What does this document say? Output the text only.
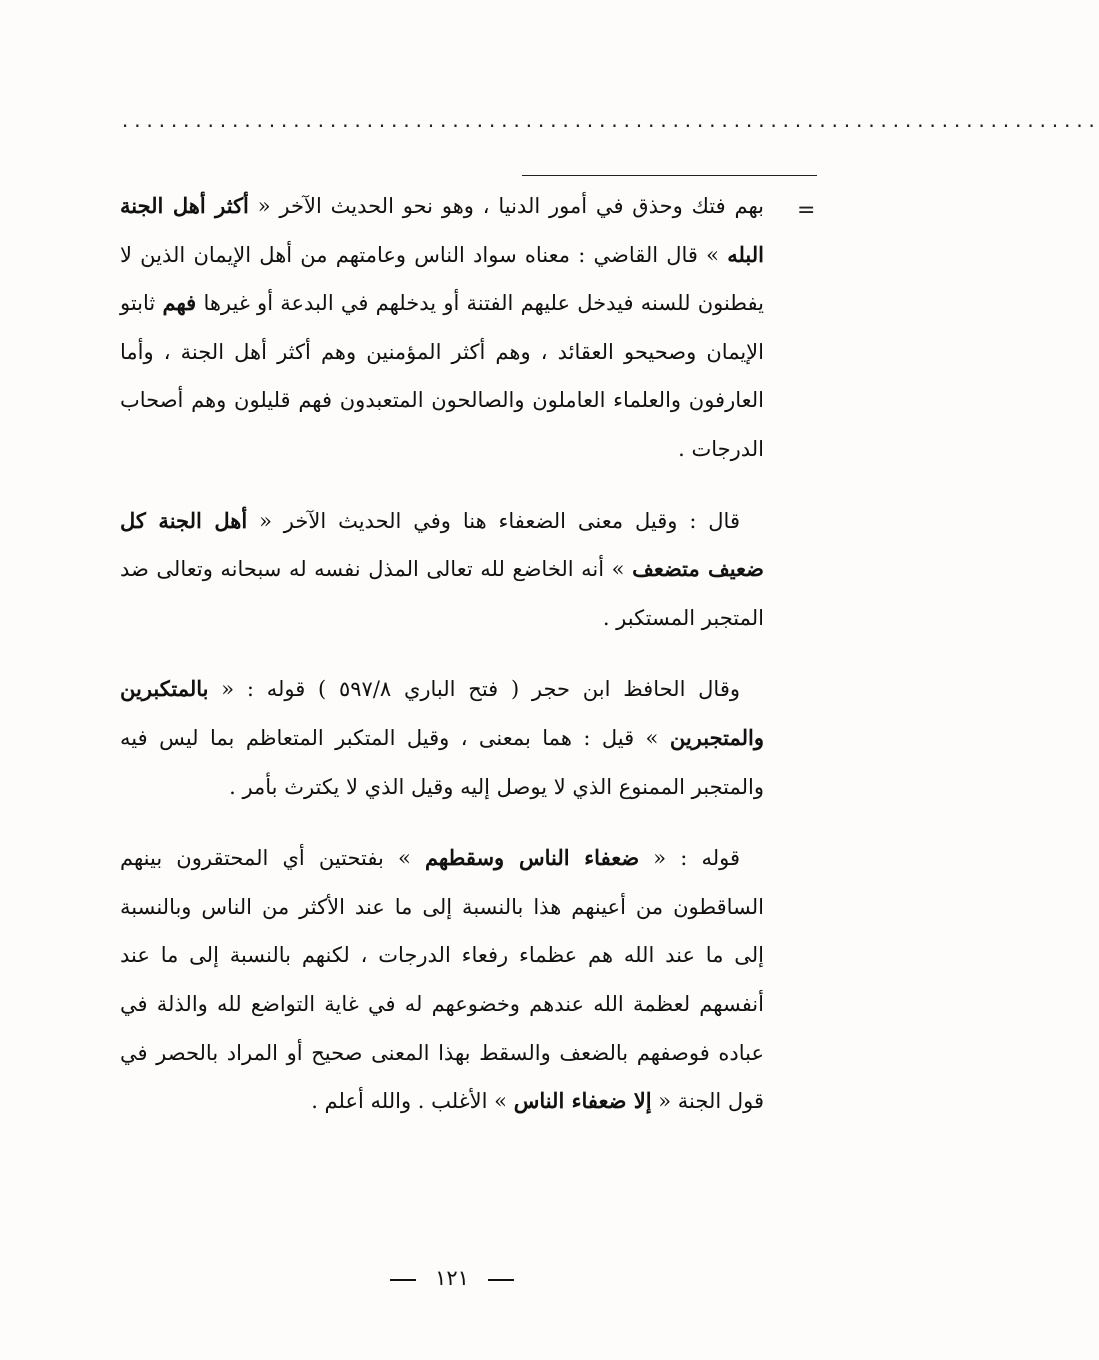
................................................................................
=

بهم فتك وحذق في أمور الدنيا ، وهو نحو الحديث الآخر « أكثر أهل الجنة البله » قال القاضي : معناه سواد الناس وعامتهم من أهل الإيمان الذين لا يفطنون للسنه فيدخل عليهم الفتنة أو يدخلهم في البدعة أو غيرها فهم ثابتو الإيمان وصحيحو العقائد ، وهم أكثر المؤمنين وهم أكثر أهل الجنة ، وأما العارفون والعلماء العاملون والصالحون المتعبدون فهم قليلون وهم أصحاب الدرجات .

قال : وقيل معنى الضعفاء هنا وفي الحديث الآخر « أهل الجنة كل ضعيف متضعف » أنه الخاضع لله تعالى المذل نفسه له سبحانه وتعالى ضد المتجبر المستكبر .

وقال الحافظ ابن حجر ( فتح الباري ٥٩٧/٨ ) قوله : « بالمتكبرين والمتجبرين » قيل : هما بمعنى ، وقيل المتكبر المتعاظم بما ليس فيه والمتجبر الممنوع الذي لا يوصل إليه وقيل الذي لا يكترث بأمر .

قوله : « ضعفاء الناس وسقطهم » بفتحتين أي المحتقرون بينهم الساقطون من أعينهم هذا بالنسبة إلى ما عند الأكثر من الناس وبالنسبة إلى ما عند الله هم عظماء رفعاء الدرجات ، لكنهم بالنسبة إلى ما عند أنفسهم لعظمة الله عندهم وخضوعهم له في غاية التواضع لله والذلة في عباده فوصفهم بالضعف والسقط بهذا المعنى صحيح أو المراد بالحصر في قول الجنة « إلا ضعفاء الناس » الأغلب . والله أعلم .

١٢١
